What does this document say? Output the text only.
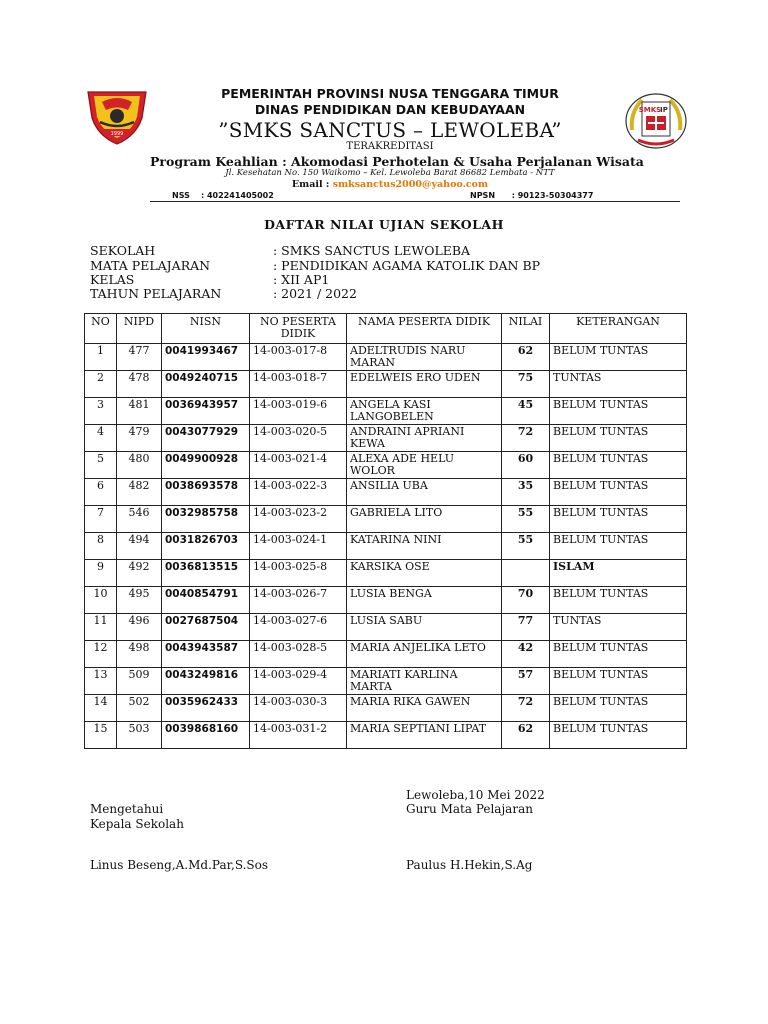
1999
SMKS
IP
PEMERINTAH PROVINSI NUSA TENGGARA TIMUR
DINAS PENDIDIKAN DAN KEBUDAYAAN
”SMKS SANCTUS – LEWOLEBA”
TERAKREDITASI
Program Keahlian : Akomodasi Perhotelan & Usaha Perjalanan Wisata
Jl. Kesehatan No. 150 Waikomo – Kel. Lewoleba Barat 86682 Lembata - NTT
Email : smksanctus2000@yahoo.com
NSS : 402241405002	NPSN : 90123-50304377
DAFTAR NILAI UJIAN SEKOLAH
SEKOLAH	: SMKS SANCTUS LEWOLEBA
MATA PELAJARAN	: PENDIDIKAN AGAMA KATOLIK DAN BP
KELAS	: XII AP1
TAHUN PELAJARAN	: 2021 / 2022
NO	NIPD	NISN	NO PESERTA DIDIK	NAMA PESERTA DIDIK	NILAI	KETERANGAN
1	477	0041993467	14-003-017-8	ADELTRUDIS NARU MARAN	62	BELUM TUNTAS
2	478	0049240715	14-003-018-7	EDELWEIS ERO UDEN	75	TUNTAS
3	481	0036943957	14-003-019-6	ANGELA KASI LANGOBELEN	45	BELUM TUNTAS
4	479	0043077929	14-003-020-5	ANDRAINI APRIANI KEWA	72	BELUM TUNTAS
5	480	0049900928	14-003-021-4	ALEXA ADE HELU WOLOR	60	BELUM TUNTAS
6	482	0038693578	14-003-022-3	ANSILIA UBA	35	BELUM TUNTAS
7	546	0032985758	14-003-023-2	GABRIELA LITO	55	BELUM TUNTAS
8	494	0031826703	14-003-024-1	KATARINA NINI	55	BELUM TUNTAS
9	492	0036813515	14-003-025-8	KARSIKA OSE		ISLAM
10	495	0040854791	14-003-026-7	LUSIA BENGA	70	BELUM TUNTAS
11	496	0027687504	14-003-027-6	LUSIA SABU	77	TUNTAS
12	498	0043943587	14-003-028-5	MARIA ANJELIKA LETO	42	BELUM TUNTAS
13	509	0043249816	14-003-029-4	MARIATI KARLINA MARTA	57	BELUM TUNTAS
14	502	0035962433	14-003-030-3	MARIA RIKA GAWEN	72	BELUM TUNTAS
15	503	0039868160	14-003-031-2	MARIA SEPTIANI LIPAT	62	BELUM TUNTAS
Lewoleba,10 Mei 2022
Mengetahui	Guru Mata Pelajaran
Kepala Sekolah
Linus Beseng,A.Md.Par,S.Sos	Paulus H.Hekin,S.Ag
